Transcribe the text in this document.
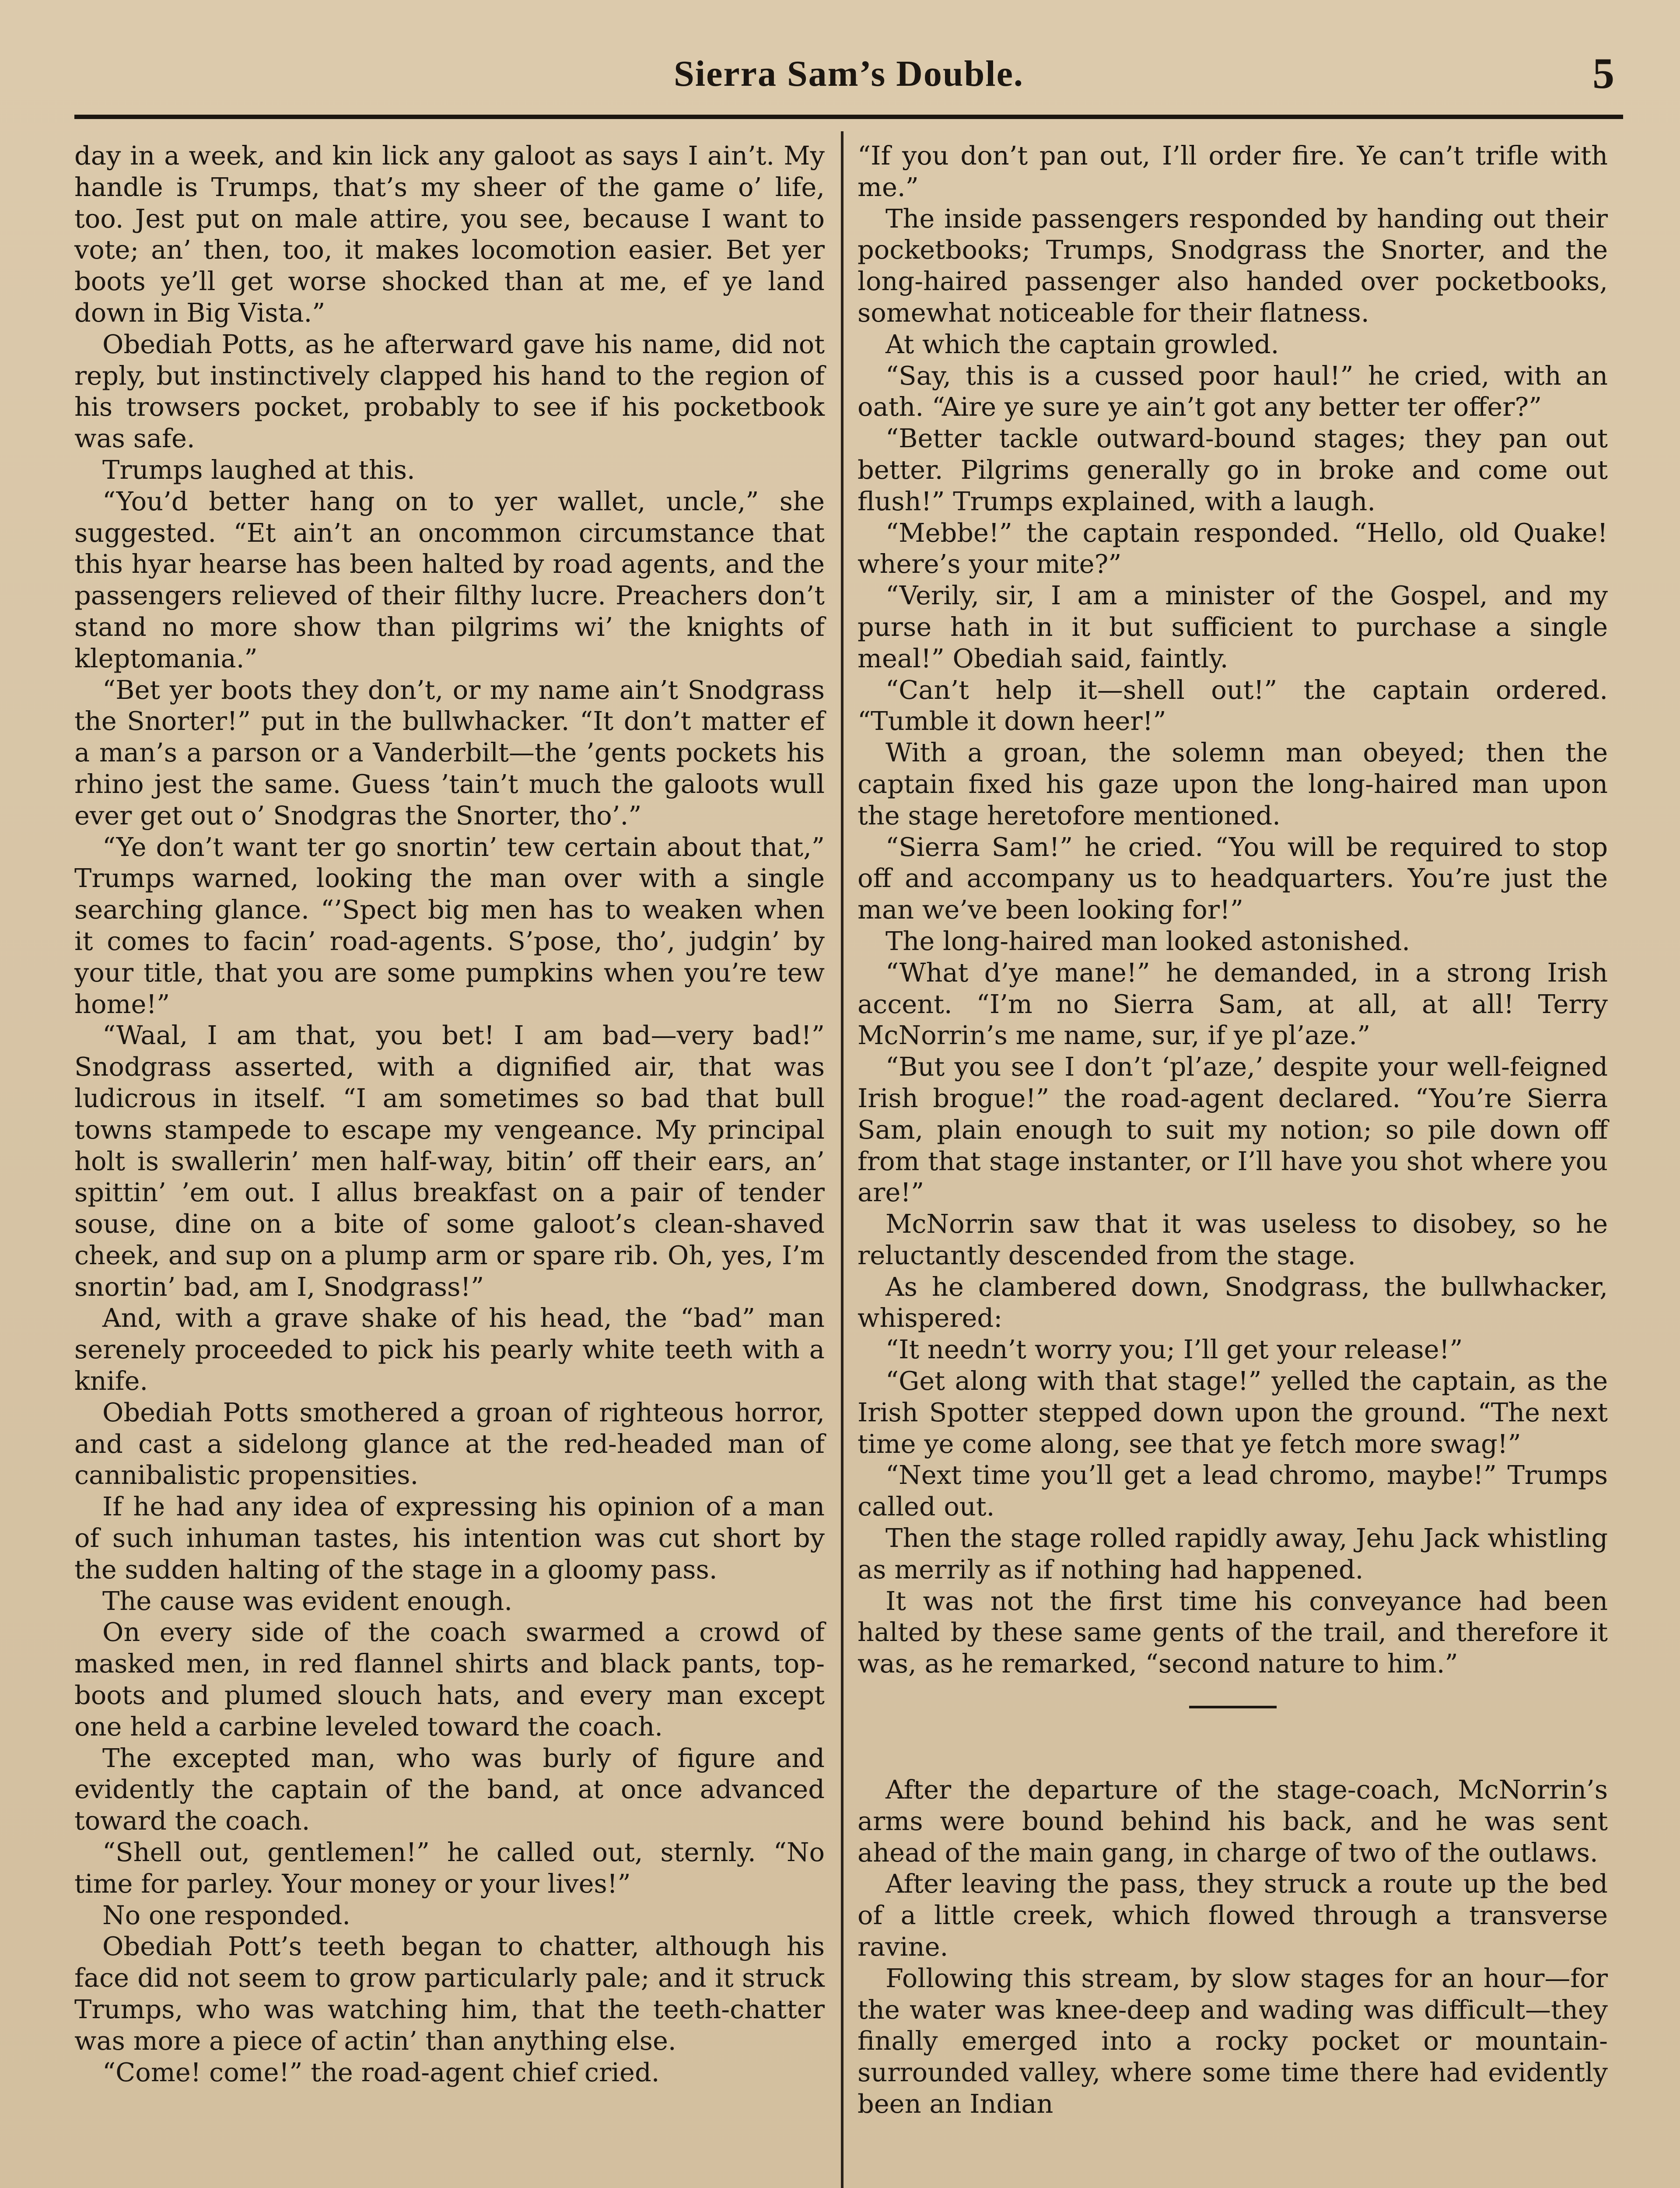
Sierra Sam’s Double.	5

day in a week, and kin lick any galoot as says I ain’t. My handle is Trumps, that’s my sheer of the game o’ life, too. Jest put on male attire, you see, because I want to vote; an’ then, too, it makes locomotion easier. Bet yer boots ye’ll get worse shocked than at me, ef ye land down in Big Vista.”

Obediah Potts, as he afterward gave his name, did not reply, but instinctively clapped his hand to the region of his trowsers pocket, probably to see if his pocketbook was safe.

Trumps laughed at this.

“You’d better hang on to yer wallet, uncle,” she suggested. “Et ain’t an oncommon circumstance that this hyar hearse has been halted by road agents, and the passengers relieved of their filthy lucre. Preachers don’t stand no more show than pilgrims wi’ the knights of kleptomania.”

“Bet yer boots they don’t, or my name ain’t Snodgrass the Snorter!” put in the bullwhacker. “It don’t matter ef a man’s a parson or a Vanderbilt—the ’gents pockets his rhino jest the same. Guess ’tain’t much the galoots wull ever get out o’ Snodgras the Snorter, tho’.”

“Ye don’t want ter go snortin’ tew certain about that,” Trumps warned, looking the man over with a single searching glance. “’Spect big men has to weaken when it comes to facin’ road-agents. S’pose, tho’, judgin’ by your title, that you are some pumpkins when you’re tew home!”

“Waal, I am that, you bet! I am bad—very bad!” Snodgrass asserted, with a dignified air, that was ludicrous in itself. “I am sometimes so bad that bull towns stampede to escape my vengeance. My principal holt is swallerin’ men half-way, bitin’ off their ears, an’ spittin’ ’em out. I allus breakfast on a pair of tender souse, dine on a bite of some galoot’s clean-shaved cheek, and sup on a plump arm or spare rib. Oh, yes, I’m snortin’ bad, am I, Snodgrass!”

And, with a grave shake of his head, the “bad” man serenely proceeded to pick his pearly white teeth with a knife.

Obediah Potts smothered a groan of righteous horror, and cast a sidelong glance at the red-headed man of cannibalistic propensities.

If he had any idea of expressing his opinion of a man of such inhuman tastes, his intention was cut short by the sudden halting of the stage in a gloomy pass.

The cause was evident enough.

On every side of the coach swarmed a crowd of masked men, in red flannel shirts and black pants, top-boots and plumed slouch hats, and every man except one held a carbine leveled toward the coach.

The excepted man, who was burly of figure and evidently the captain of the band, at once advanced toward the coach.

“Shell out, gentlemen!” he called out, sternly. “No time for parley. Your money or your lives!”

No one responded.

Obediah Pott’s teeth began to chatter, although his face did not seem to grow particularly pale; and it struck Trumps, who was watching him, that the teeth-chatter was more a piece of actin’ than anything else.

“Come! come!” the road-agent chief cried.

“If you don’t pan out, I’ll order fire. Ye can’t trifle with me.”

The inside passengers responded by handing out their pocketbooks; Trumps, Snodgrass the Snorter, and the long-haired passenger also handed over pocketbooks, somewhat noticeable for their flatness.

At which the captain growled.

“Say, this is a cussed poor haul!” he cried, with an oath. “Aire ye sure ye ain’t got any better ter offer?”

“Better tackle outward-bound stages; they pan out better. Pilgrims generally go in broke and come out flush!” Trumps explained, with a laugh.

“Mebbe!” the captain responded. “Hello, old Quake! where’s your mite?”

“Verily, sir, I am a minister of the Gospel, and my purse hath in it but sufficient to purchase a single meal!” Obediah said, faintly.

“Can’t help it—shell out!” the captain ordered. “Tumble it down heer!”

With a groan, the solemn man obeyed; then the captain fixed his gaze upon the long-haired man upon the stage heretofore mentioned.

“Sierra Sam!” he cried. “You will be required to stop off and accompany us to headquarters. You’re just the man we’ve been looking for!”

The long-haired man looked astonished.

“What d’ye mane!” he demanded, in a strong Irish accent. “I’m no Sierra Sam, at all, at all! Terry McNorrin’s me name, sur, if ye pl’aze.”

“But you see I don’t ‘pl’aze,’ despite your well-feigned Irish brogue!” the road-agent declared. “You’re Sierra Sam, plain enough to suit my notion; so pile down off from that stage instanter, or I’ll have you shot where you are!”

McNorrin saw that it was useless to disobey, so he reluctantly descended from the stage.

As he clambered down, Snodgrass, the bullwhacker, whispered:

“It needn’t worry you; I’ll get your release!”

“Get along with that stage!” yelled the captain, as the Irish Spotter stepped down upon the ground. “The next time ye come along, see that ye fetch more swag!”

“Next time you’ll get a lead chromo, maybe!” Trumps called out.

Then the stage rolled rapidly away, Jehu Jack whistling as merrily as if nothing had happened.

It was not the first time his conveyance had been halted by these same gents of the trail, and therefore it was, as he remarked, “second nature to him.”

After the departure of the stage-coach, McNorrin’s arms were bound behind his back, and he was sent ahead of the main gang, in charge of two of the outlaws.

After leaving the pass, they struck a route up the bed of a little creek, which flowed through a transverse ravine.

Following this stream, by slow stages for an hour—for the water was knee-deep and wading was difficult—they finally emerged into a rocky pocket or mountain-surrounded valley, where some time there had evidently been an Indian
